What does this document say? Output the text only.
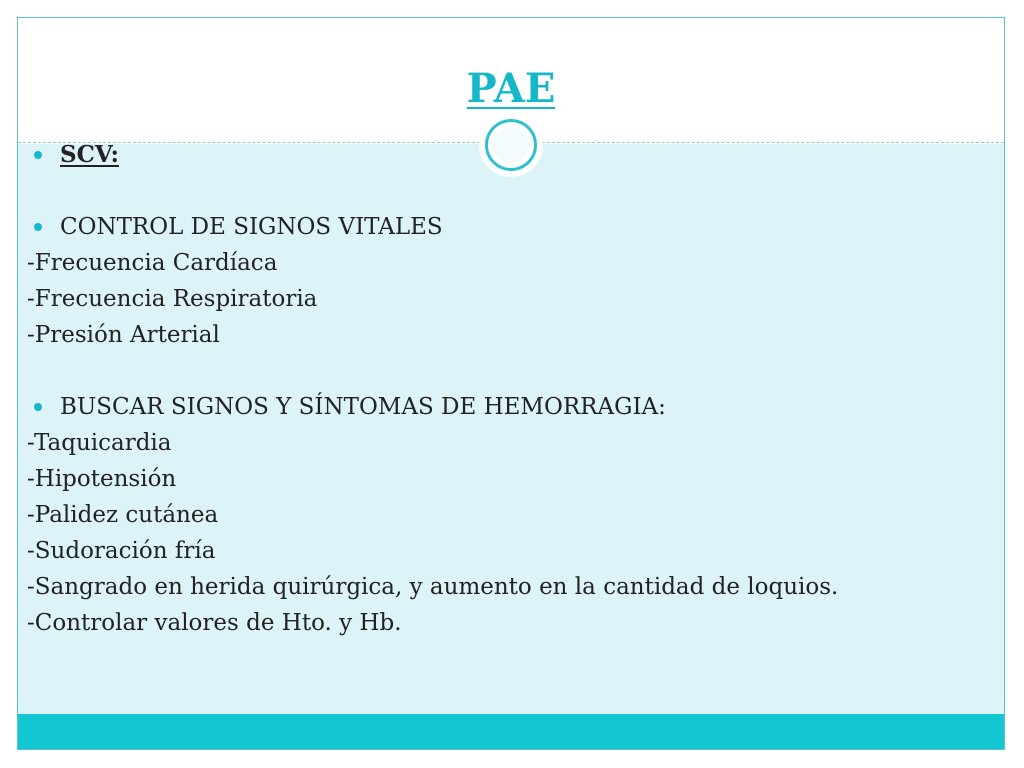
PAE
SCV:
CONTROL DE SIGNOS VITALES
-Frecuencia Cardíaca
-Frecuencia Respiratoria
-Presión Arterial
BUSCAR SIGNOS Y SÍNTOMAS DE HEMORRAGIA:
-Taquicardia
-Hipotensión
-Palidez cutánea
-Sudoración fría
-Sangrado en herida quirúrgica, y aumento en la cantidad de loquios.
-Controlar valores de Hto. y Hb.
